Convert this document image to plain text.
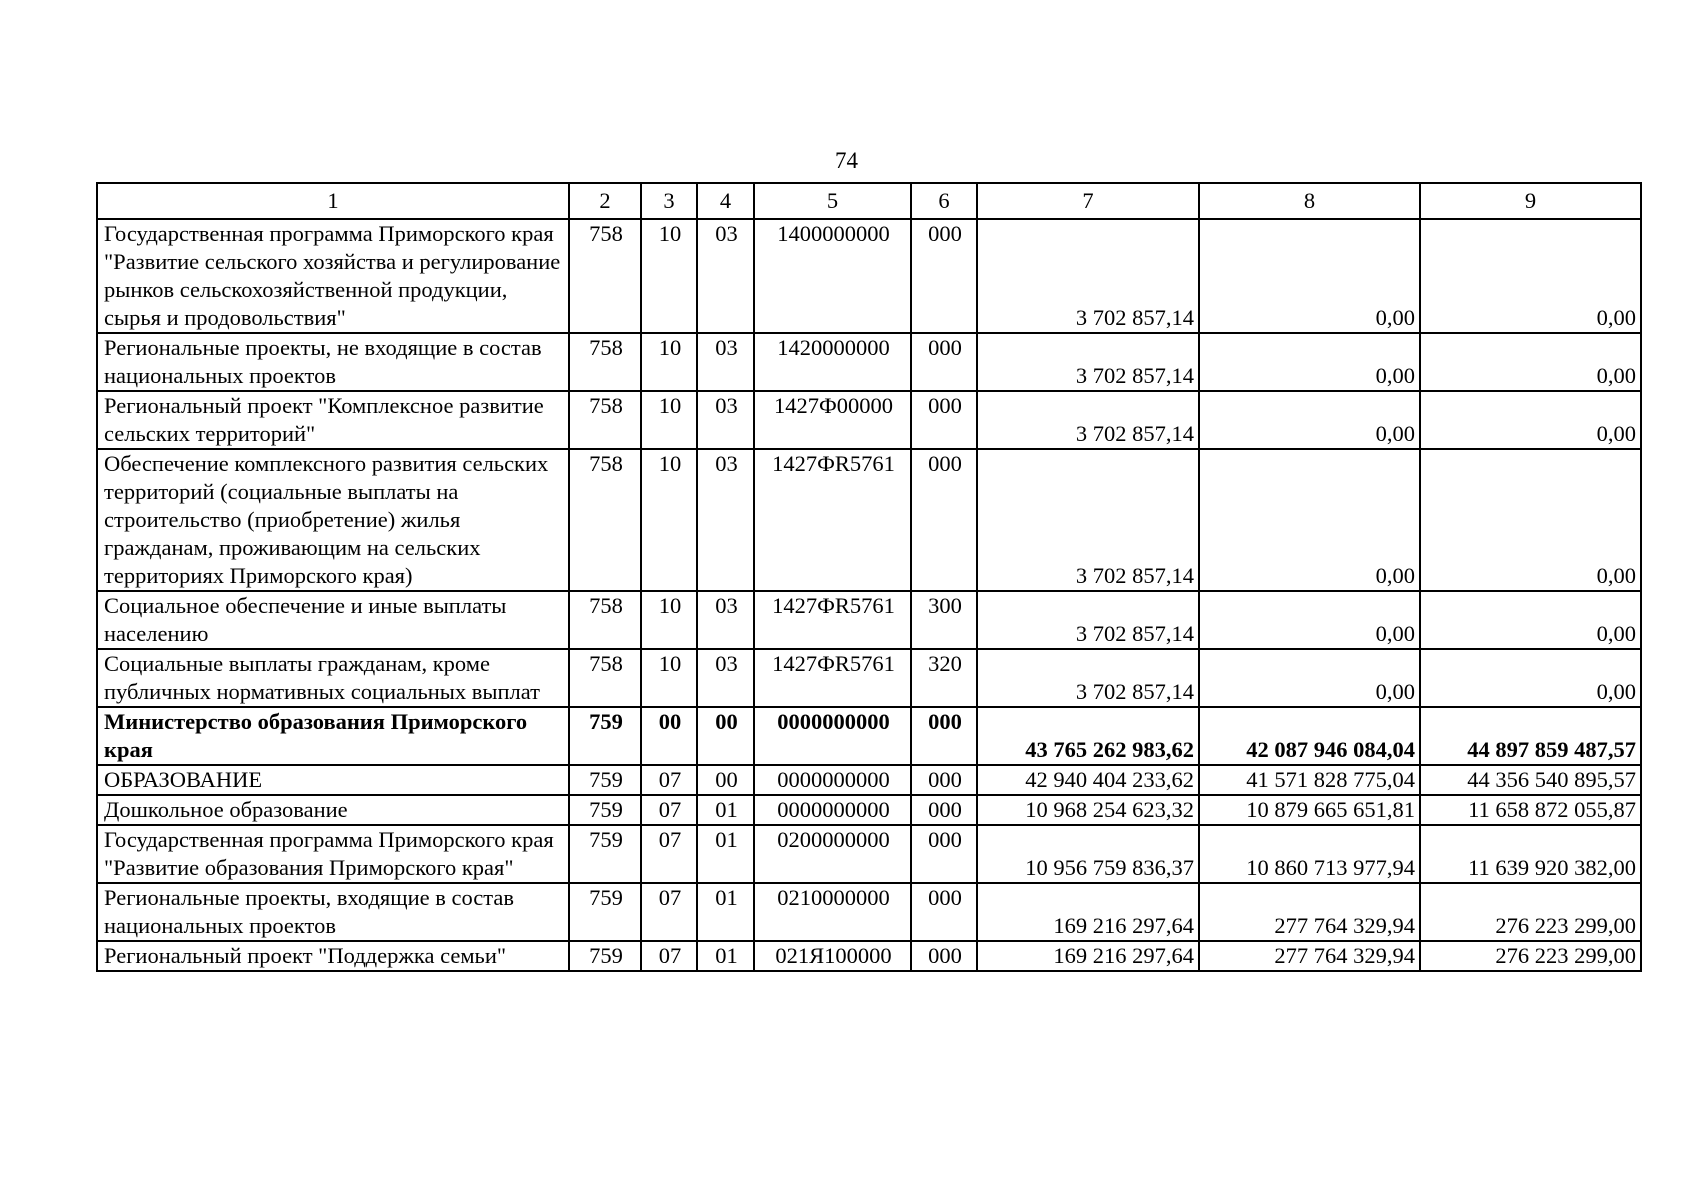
74
1	2	3	4	5	6	7	8	9
Государственная программа Приморского края "Развитие сельского хозяйства и регулирование рынков сельскохозяйственной продукции, сырья и продовольствия"	758	10	03	1400000000	000	3 702 857,14	0,00	0,00
Региональные проекты, не входящие в состав национальных проектов	758	10	03	1420000000	000	3 702 857,14	0,00	0,00
Региональный проект "Комплексное развитие сельских территорий"	758	10	03	1427Ф00000	000	3 702 857,14	0,00	0,00
Обеспечение комплексного развития сельских территорий (социальные выплаты на строительство (приобретение) жилья гражданам, проживающим на сельских территориях Приморского края)	758	10	03	1427ФR5761	000	3 702 857,14	0,00	0,00
Социальное обеспечение и иные выплаты населению	758	10	03	1427ФR5761	300	3 702 857,14	0,00	0,00
Социальные выплаты гражданам, кроме публичных нормативных социальных выплат	758	10	03	1427ФR5761	320	3 702 857,14	0,00	0,00
Министерство образования Приморского края	759	00	00	0000000000	000	43 765 262 983,62	42 087 946 084,04	44 897 859 487,57
ОБРАЗОВАНИЕ	759	07	00	0000000000	000	42 940 404 233,62	41 571 828 775,04	44 356 540 895,57
Дошкольное образование	759	07	01	0000000000	000	10 968 254 623,32	10 879 665 651,81	11 658 872 055,87
Государственная программа Приморского края "Развитие образования Приморского края"	759	07	01	0200000000	000	10 956 759 836,37	10 860 713 977,94	11 639 920 382,00
Региональные проекты, входящие в состав национальных проектов	759	07	01	0210000000	000	169 216 297,64	277 764 329,94	276 223 299,00
Региональный проект "Поддержка семьи"	759	07	01	021Я100000	000	169 216 297,64	277 764 329,94	276 223 299,00
